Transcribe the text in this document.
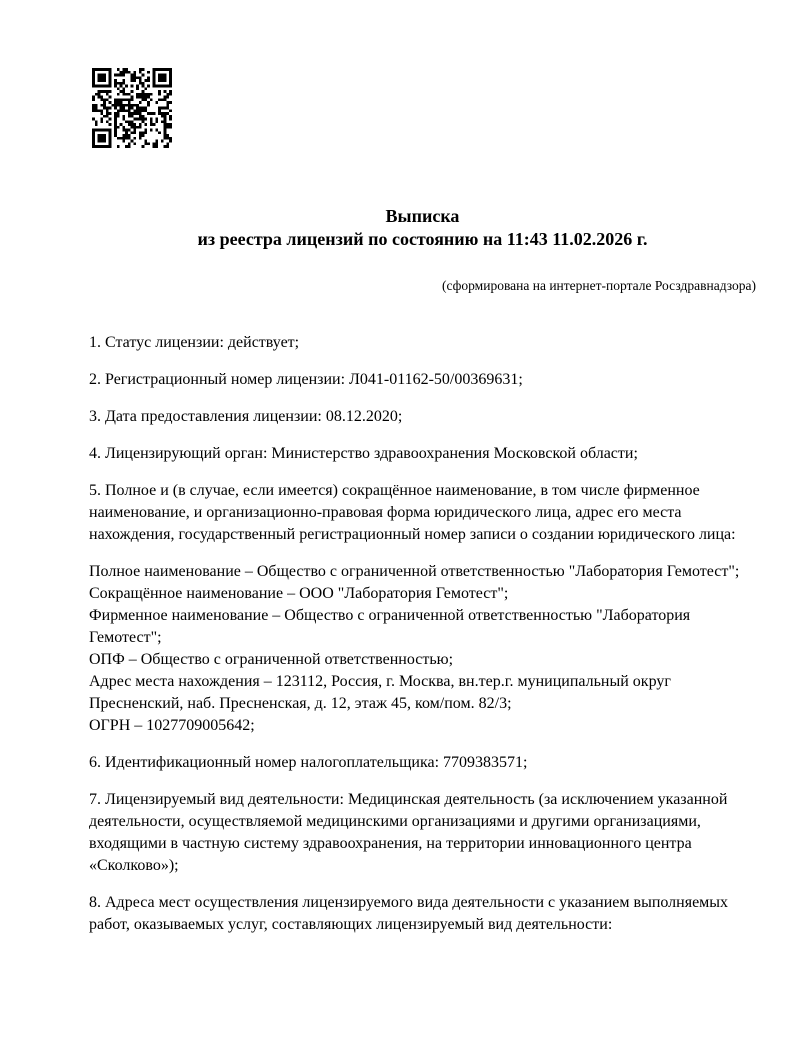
Выписка
из реестра лицензий по состоянию на 11:43 11.02.2026 г.
(сформирована на интернет-портале Росздравнадзора)

1. Статус лицензии: действует;

2. Регистрационный номер лицензии: Л041-01162-50/00369631;

3. Дата предоставления лицензии: 08.12.2020;

4. Лицензирующий орган: Министерство здравоохранения Московской области;

5. Полное и (в случае, если имеется) сокращённое наименование, в том числе фирменное наименование, и организационно-правовая форма юридического лица, адрес его места нахождения, государственный регистрационный номер записи о создании юридического лица:

Полное наименование – Общество с ограниченной ответственностью "Лаборатория Гемотест";
Сокращённое наименование – ООО "Лаборатория Гемотест";
Фирменное наименование – Общество с ограниченной ответственностью "Лаборатория Гемотест";
ОПФ – Общество с ограниченной ответственностью;
Адрес места нахождения – 123112, Россия, г. Москва, вн.тер.г. муниципальный округ Пресненский, наб. Пресненская, д. 12, этаж 45, ком/пом. 82/3;
ОГРН – 1027709005642;

6. Идентификационный номер налогоплательщика: 7709383571;

7. Лицензируемый вид деятельности: Медицинская деятельность (за исключением указанной деятельности, осуществляемой медицинскими организациями и другими организациями, входящими в частную систему здравоохранения, на территории инновационного центра «Сколково»);

8. Адреса мест осуществления лицензируемого вида деятельности с указанием выполняемых работ, оказываемых услуг, составляющих лицензируемый вид деятельности:
